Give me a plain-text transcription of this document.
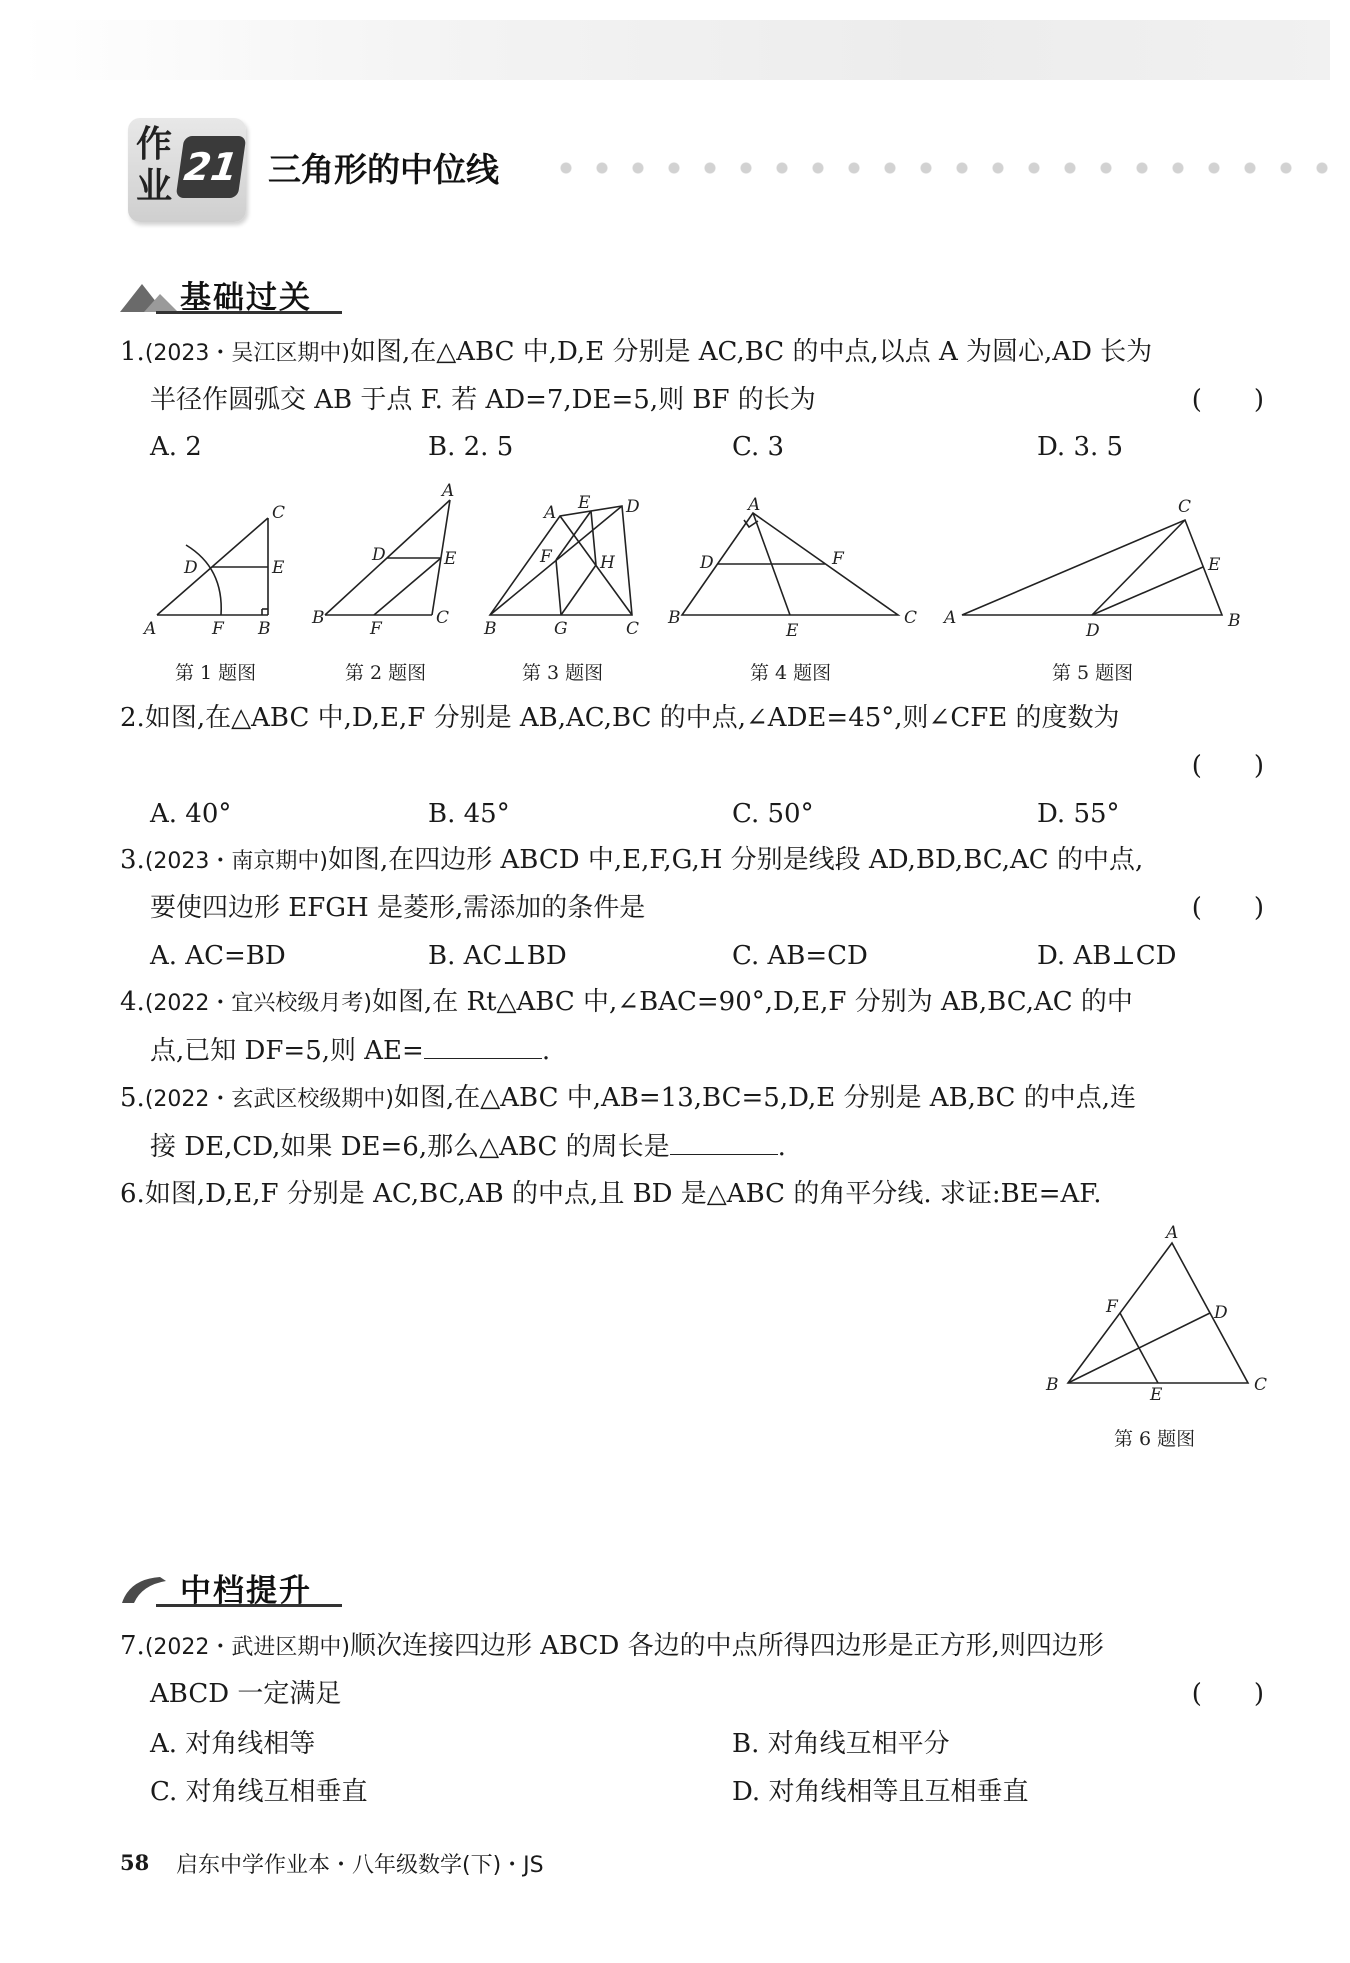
作业 21 三角形的中位线
基础过关
1.(2023・吴江区期中)如图,在△ABC 中,D,E 分别是 AC,BC 的中点,以点 A 为圆心,AD 长为
半径作圆弧交 AB 于点 F. 若 AD=7,DE=5,则 BF 的长为	(　　)
A. 2	B. 2. 5	C. 3	D. 3. 5
A	B
C
D	E
F
A
B	C
D	E
F
A
B	C
D
E
F
G
H
A
B	C
D
E
F
A	B
C
D
E
第 1 题图	第 2 题图	第 3 题图	第 4 题图	第 5 题图
2.如图,在△ABC 中,D,E,F 分别是 AB,AC,BC 的中点,∠ADE=45°,则∠CFE 的度数为
(　　)
A. 40°	B. 45°	C. 50°	D. 55°
3.(2023・南京期中)如图,在四边形 ABCD 中,E,F,G,H 分别是线段 AD,BD,BC,AC 的中点,
要使四边形 EFGH 是菱形,需添加的条件是	(　　)
A. AC=BD	B. AC⊥BD	C. AB=CD	D. AB⊥CD
4.(2022・宜兴校级月考)如图,在 Rt△ABC 中,∠BAC=90°,D,E,F 分别为 AB,BC,AC 的中
点,已知 DF=5,则 AE=	.
5.(2022・玄武区校级期中)如图,在△ABC 中,AB=13,BC=5,D,E 分别是 AB,BC 的中点,连
接 DE,CD,如果 DE=6,那么△ABC 的周长是	.
6.如图,D,E,F 分别是 AC,BC,AB 的中点,且 BD 是△ABC 的角平分线. 求证:BE=AF.
A
B	C
D
E
F
第 6 题图
中档提升
7.(2022・武进区期中)顺次连接四边形 ABCD 各边的中点所得四边形是正方形,则四边形
ABCD 一定满足	(　　)
A. 对角线相等	B. 对角线互相平分
C. 对角线互相垂直	D. 对角线相等且互相垂直
58 启东中学作业本・八年级数学(下)・JS
